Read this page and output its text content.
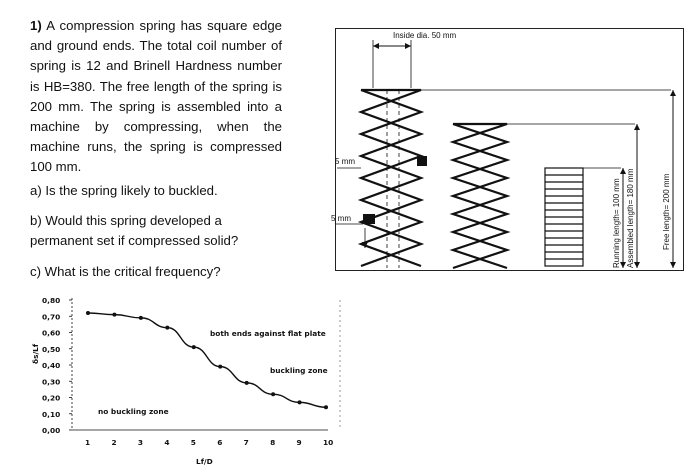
1) A compression spring has square edge and ground ends. The total coil number of spring is 12 and Brinell Hardness number is HB=380. The free length of the spring is 200 mm. The spring is assembled into a machine by compressing, when the machine runs, the spring is compressed 100 mm.

a) Is the spring likely to buckled.
b) Would this spring developed a permanent set if compressed solid?
c) What is the critical frequency?
Inside dia. 50 mm
5 mm
5 mm	Running length= 100 mm Assembled length= 180 mm	Free length= 200 mm
0,80
0,70
0,60
0,50
0,40
0,30
0,20
0,10
0,00
1	2	3	4	5	6	7	8	9	10
δs/Lf
Lf/D
both ends against flat plate
buckling zone
no buckling zone
